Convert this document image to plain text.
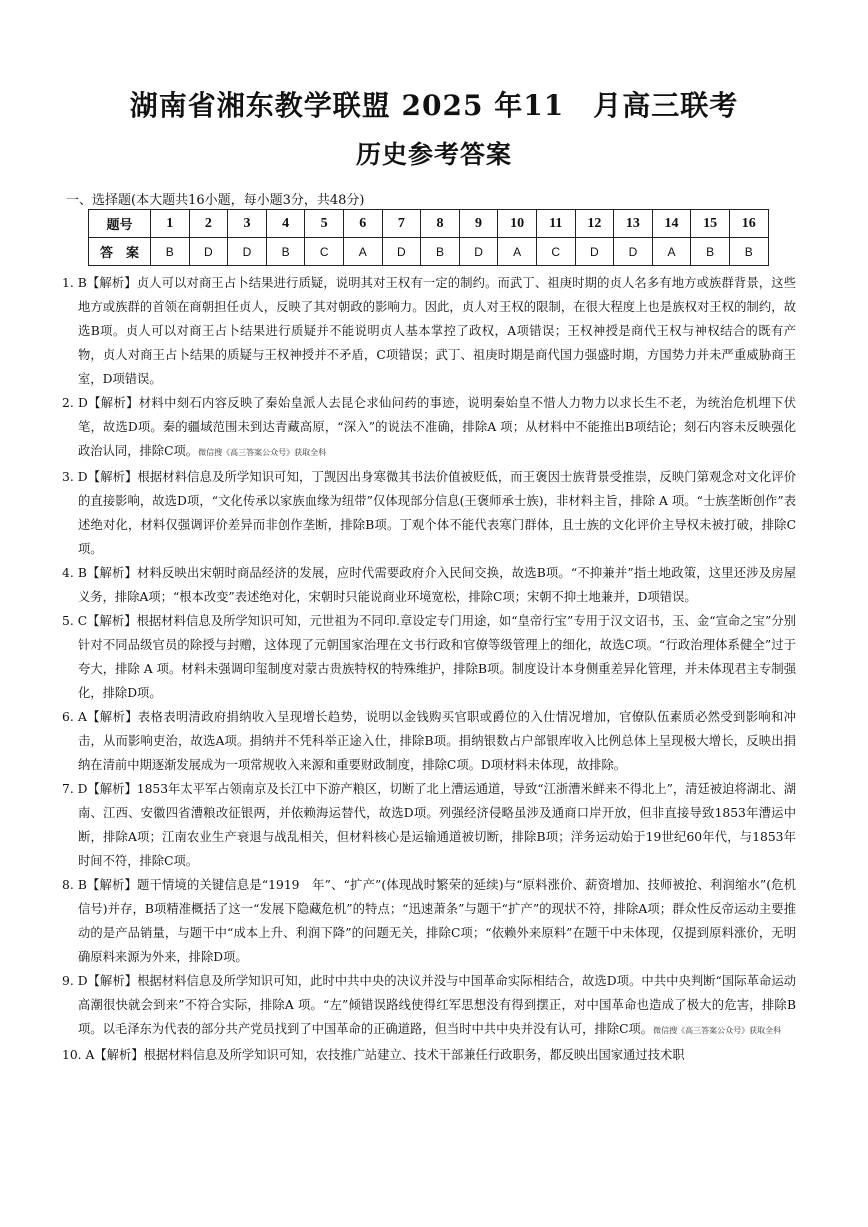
湖南省湘东教学联盟 2025 年11　月高三联考
历史参考答案
一、选择题(本大题共16小题，每小题3分，共48分)
题号	1	2	3	4	5	6	7	8	9	10	11	12	13	14	15	16
答　案	B	D	D	B	C	A	D	B	D	A	C	D	D	A	B	B

1. B【解析】贞人可以对商王占卜结果进行质疑，说明其对王权有一定的制约。而武丁、祖庚时期的贞人名多有地方或族群背景，这些地方或族群的首领在商朝担任贞人，反映了其对朝政的影响力。因此，贞人对王权的限制，在很大程度上也是族权对王权的制约，故选B项。贞人可以对商王占卜结果进行质疑并不能说明贞人基本掌控了政权，A项错误；王权神授是商代王权与神权结合的既有产物，贞人对商王占卜结果的质疑与王权神授并不矛盾，C项错误；武丁、祖庚时期是商代国力强盛时期，方国势力并未严重威胁商王室，D项错误。

2. D【解析】材料中刻石内容反映了秦始皇派人去昆仑求仙问药的事迹，说明秦始皇不惜人力物力以求长生不老，为统治危机埋下伏笔，故选D项。秦的疆域范围未到达青藏高原，“深入”的说法不准确，排除A 项；从材料中不能推出B项结论；刻石内容未反映强化政治认同，排除C项。微信搜《高三答案公众号》获取全科

3. D【解析】根据材料信息及所学知识可知，丁觊因出身寒微其书法价值被贬低，而王褒因士族背景受推崇，反映门第观念对文化评价的直接影响，故选D项，“文化传承以家族血缘为纽带”仅体现部分信息(王褒师承士族)，非材料主旨，排除 A 项。“士族垄断创作”表述绝对化，材料仅强调评价差异而非创作垄断，排除B项。丁观个体不能代表寒门群体，且士族的文化评价主导权未被打破，排除C项。

4. B【解析】材料反映出宋朝时商品经济的发展，应时代需要政府介入民间交换，故选B项。“不抑兼并”指土地政策，这里还涉及房屋义务，排除A项；“根本改变”表述绝对化，宋朝时只能说商业环境宽松，排除C项；宋朝不抑土地兼并，D项错误。

5. C【解析】根据材料信息及所学知识可知，元世祖为不同印.章设定专门用途，如“皇帝行宝”专用于汉文诏书，玉、金“宣命之宝”分别针对不同品级官员的除授与封赠，这体现了元朝国家治理在文书行政和官僚等级管理上的细化，故选C项。“行政治理体系健全”过于夸大，排除 A 项。材料未强调印玺制度对蒙古贵族特权的特殊维护，排除B项。制度设计本身侧重差异化管理，并未体现君主专制强化，排除D项。

6. A【解析】表格表明清政府捐纳收入呈现增长趋势，说明以金钱购买官职或爵位的入仕情况增加，官僚队伍素质必然受到影响和冲击，从而影响吏治，故选A项。捐纳并不凭科举正途入仕，排除B项。捐纳银数占户部银库收入比例总体上呈现极大增长，反映出捐纳在清前中期逐渐发展成为一项常规收入来源和重要财政制度，排除C项。D项材料未体现，故排除。

7. D【解析】1853年太平军占领南京及长江中下游产粮区，切断了北上漕运通道，导致“江浙漕米鲜来不得北上”，清廷被迫将湖北、湖南、江西、安徽四省漕粮改征银两，并依赖海运替代，故选D项。列强经济侵略虽涉及通商口岸开放，但非直接导致1853年漕运中断，排除A项；江南农业生产衰退与战乱相关，但材料核心是运输通道被切断，排除B项；洋务运动始于19世纪60年代，与1853年时间不符，排除C项。

8. B【解析】题干情境的关键信息是“1919　年”、“扩产”(体现战时繁荣的延续)与“原料涨价、薪资增加、技师被抢、利润缩水”(危机信号)并存，B项精准概括了这一“发展下隐藏危机”的特点；“迅速萧条”与题干“扩产”的现状不符，排除A项；群众性反帝运动主要推动的是产品销量，与题干中“成本上升、利润下降”的问题无关，排除C项；“依赖外来原料”在题干中未体现，仅提到原料涨价，无明确原料来源为外来，排除D项。

9. D【解析】根据材料信息及所学知识可知，此时中共中央的决议并没与中国革命实际相结合，故选D项。中共中央判断“国际革命运动高潮很快就会到来”不符合实际，排除A 项。“左”倾错误路线使得红军思想没有得到摆正，对中国革命也造成了极大的危害，排除B项。以毛泽东为代表的部分共产党员找到了中国革命的正确道路，但当时中共中央并没有认可，排除C项。微信搜《高三答案公众号》获取全科

10. A【解析】根据材料信息及所学知识可知，农技推广站建立、技术干部兼任行政职务，都反映出国家通过技术职
